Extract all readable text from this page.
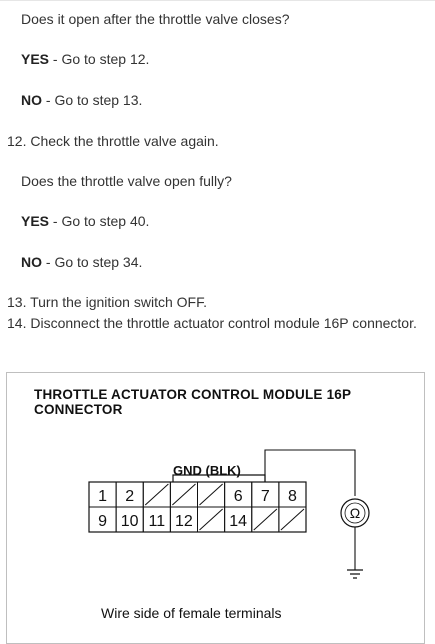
Does it open after the throttle valve closes?
YES - Go to step 12.
NO - Go to step 13.
12. Check the throttle valve again.
Does the throttle valve open fully?
YES - Go to step 40.
NO - Go to step 34.
13. Turn the ignition switch OFF.
14. Disconnect the throttle actuator control module 16P connector.
THROTTLE ACTUATOR CONTROL MODULE 16P
CONNECTOR
GND (BLK)
1 2	6 7 8
9 10 11 12 14	Ω
Wire side of female terminals
